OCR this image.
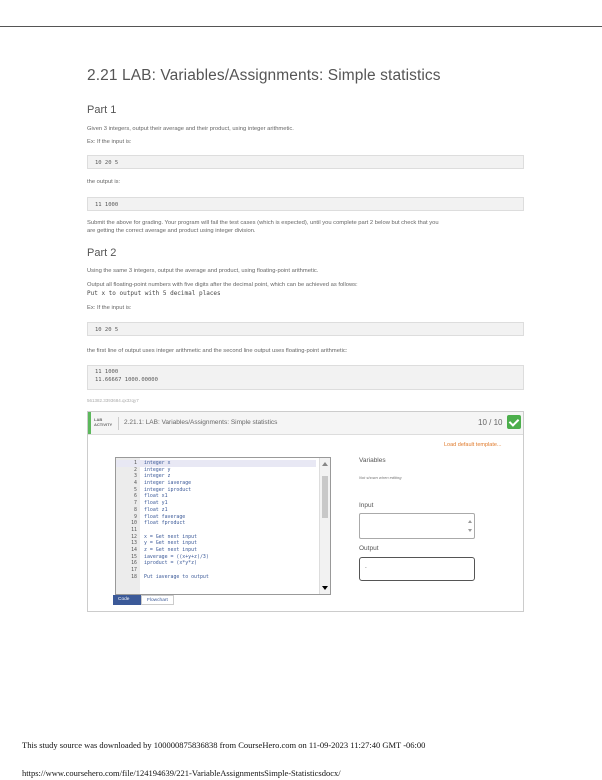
2.21 LAB: Variables/Assignments: Simple statistics
Part 1
Given 3 integers, output their average and their product, using integer arithmetic.
Ex: If the input is:
10 20 5
the output is:
11 1000
Submit the above for grading. Your program will fail the test cases (which is expected), until you complete part 2 below but check that you
are getting the correct average and product using integer division.
Part 2
Using the same 3 integers, output the average and product, using floating-point arithmetic.
Output all floating-point numbers with five digits after the decimal point, which can be achieved as follows:
Put x to output with 5 decimal places
Ex: If the input is:
10 20 5
the first line of output uses integer arithmetic and the second line output uses floating-point arithmetic:
11 1000
11.66667 1000.00000
561382.3393684.qx3zqy7
LAB
ACTIVITY 2.21.1: LAB: Variables/Assignments: Simple statistics	10 / 10
Load default template...
1 integer x
2 integer y
3 integer z
4 integer iaverage
5 integer iproduct
6 float x1
7 float y1
8 float z1
9 float faverage
10 float fproduct
11
12 x = Get next input
13 y = Get next input
14 z = Get next input
15 iaverage = ((x+y+z)/3)
16 iproduct = (x*y*z)
17
18 Put iaverage to output
Code	Flowchart
Variables
Not shown when editing
Input
Output
-
This study source was downloaded by 100000875836838 from CourseHero.com on 11-09-2023 11:27:40 GMT -06:00
https://www.coursehero.com/file/124194639/221-VariableAssignmentsSimple-Statisticsdocx/
